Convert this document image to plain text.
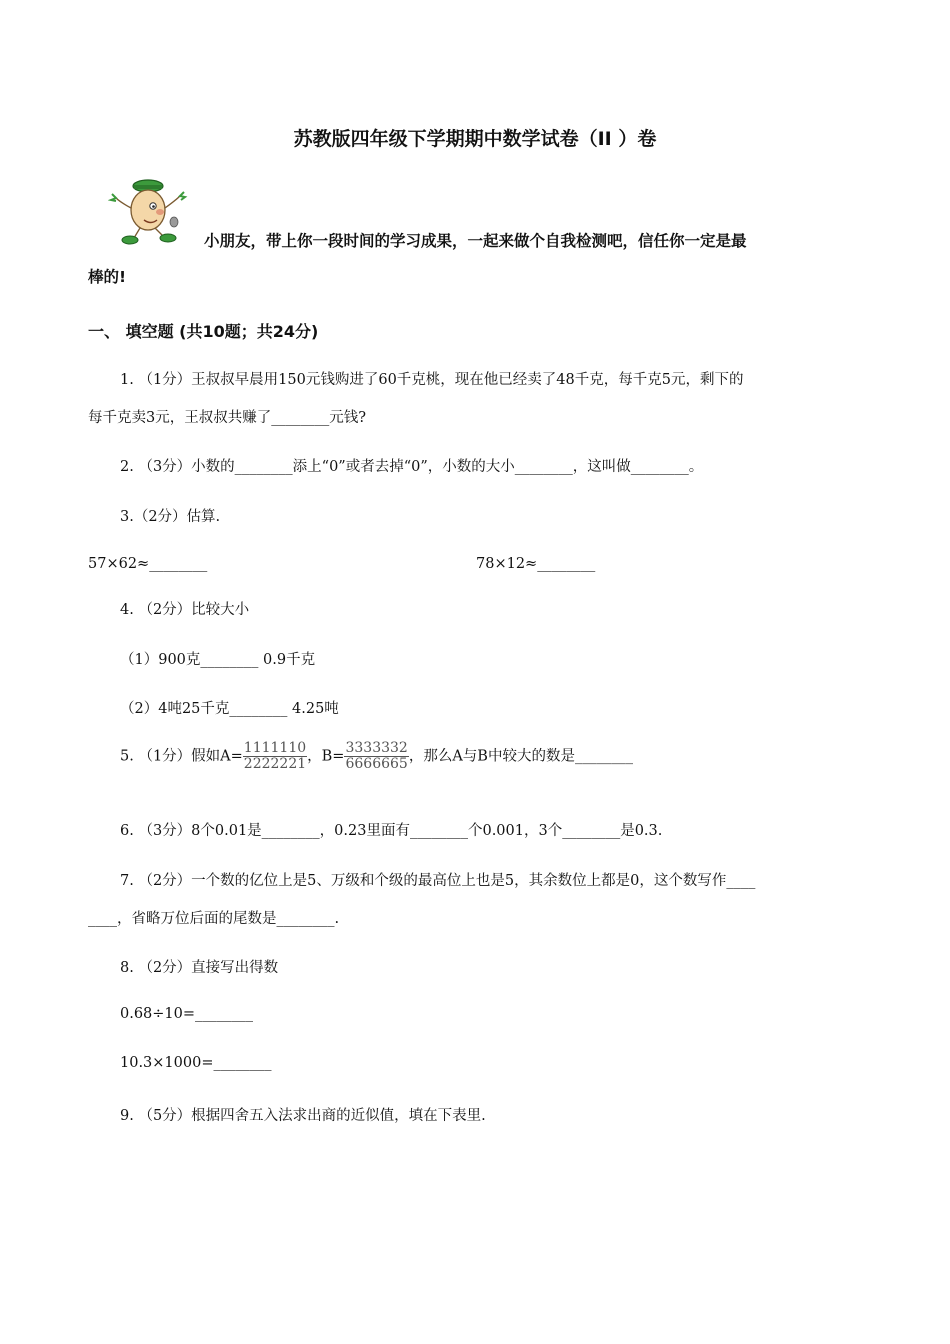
苏教版四年级下学期期中数学试卷（II ）卷
小朋友，带上你一段时间的学习成果，一起来做个自我检测吧，信任你一定是最
棒的!
一、 填空题 (共10题；共24分)
1. （1分）王叔叔早晨用150元钱购进了60千克桃，现在他已经卖了48千克，每千克5元，剩下的
每千克卖3元，王叔叔共赚了________元钱?
2. （3分）小数的________添上“0”或者去掉“0”，小数的大小________，这叫做________。
3.（2分）估算.
57×62≈________	78×12≈________
4. （2分）比较大小
（1）900克________ 0.9千克
（2）4吨25千克________ 4.25吨
5. （1分）假如$A= \frac{1111110}{2222221}$ ，$B= \frac{3333332}{6666665}$ ，那么A与B中较大的数是________
6. （3分）8个0.01是________，0.23里面有________个0.001，3个________是0.3.
7. （2分）一个数的亿位上是5、万级和个级的最高位上也是5，其余数位上都是0，这个数写作____
____，省略万位后面的尾数是________.
8. （2分）直接写出得数
0.68÷10=________
10.3×1000=________
9. （5分）根据四舍五入法求出商的近似值，填在下表里.
